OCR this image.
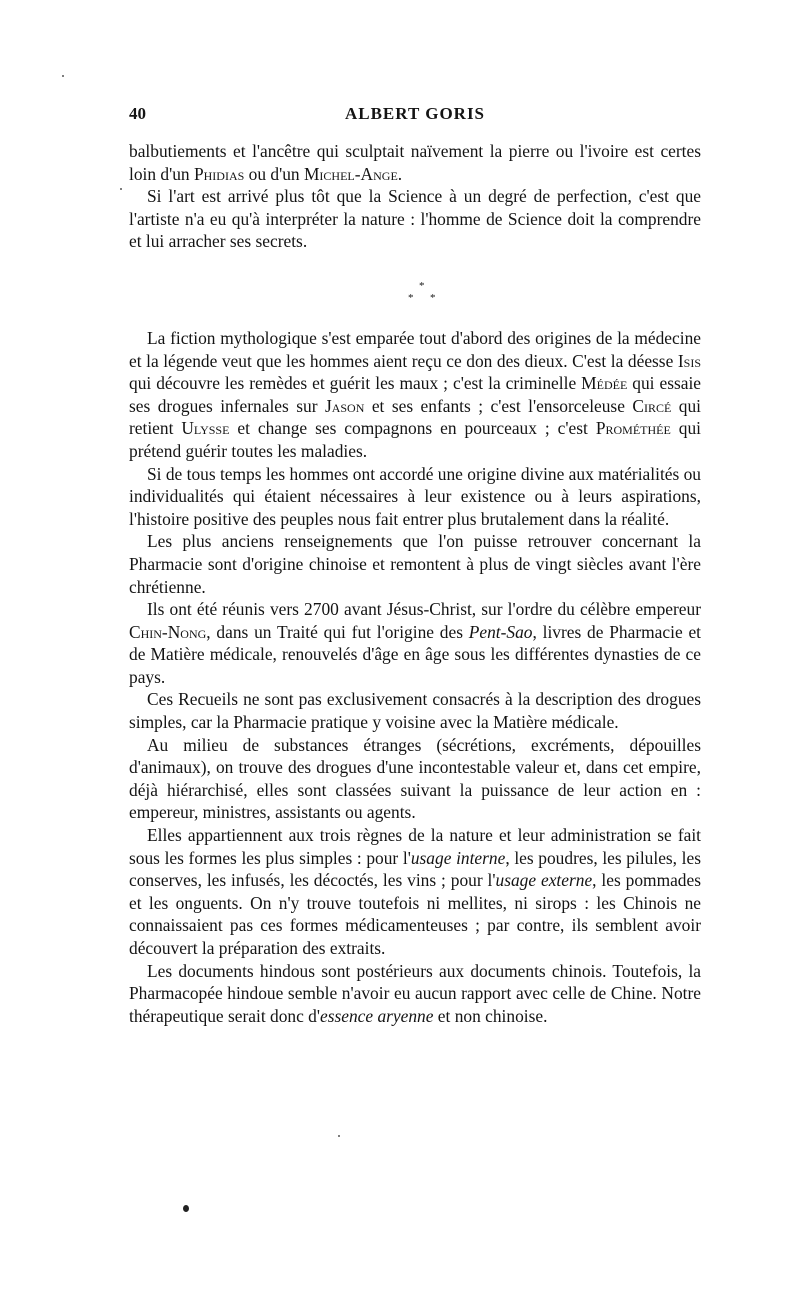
40	ALBERT GORIS

balbutiements et l'ancêtre qui sculptait naïvement la pierre ou l'ivoire est certes loin d'un Phidias ou d'un Michel-Ange.

Si l'art est arrivé plus tôt que la Science à un degré de perfection, c'est que l'artiste n'a eu qu'à interpréter la nature : l'homme de Science doit la comprendre et lui arracher ses secrets.

*
* *

La fiction mythologique s'est emparée tout d'abord des origines de la médecine et la légende veut que les hommes aient reçu ce don des dieux. C'est la déesse Isis qui découvre les remèdes et guérit les maux ; c'est la criminelle Médée qui essaie ses drogues infernales sur Jason et ses enfants ; c'est l'ensorceleuse Circé qui retient Ulysse et change ses compagnons en pourceaux ; c'est Prométhée qui prétend guérir toutes les maladies.

Si de tous temps les hommes ont accordé une origine divine aux matérialités ou individualités qui étaient nécessaires à leur existence ou à leurs aspirations, l'histoire positive des peuples nous fait entrer plus brutalement dans la réalité.

Les plus anciens renseignements que l'on puisse retrouver concernant la Pharmacie sont d'origine chinoise et remontent à plus de vingt siècles avant l'ère chrétienne.

Ils ont été réunis vers 2700 avant Jésus-Christ, sur l'ordre du célèbre empereur Chin-Nong, dans un Traité qui fut l'origine des Pent-Sao, livres de Pharmacie et de Matière médicale, renouvelés d'âge en âge sous les différentes dynasties de ce pays.

Ces Recueils ne sont pas exclusivement consacrés à la description des drogues simples, car la Pharmacie pratique y voisine avec la Matière médicale.

Au milieu de substances étranges (sécrétions, excréments, dépouilles d'animaux), on trouve des drogues d'une incontestable valeur et, dans cet empire, déjà hiérarchisé, elles sont classées suivant la puissance de leur action en : empereur, ministres, assistants ou agents.

Elles appartiennent aux trois règnes de la nature et leur administration se fait sous les formes les plus simples : pour l'usage interne, les poudres, les pilules, les conserves, les infusés, les décoctés, les vins ; pour l'usage externe, les pommades et les onguents. On n'y trouve toutefois ni mellites, ni sirops : les Chinois ne connaissaient pas ces formes médicamenteuses ; par contre, ils semblent avoir découvert la préparation des extraits.

Les documents hindous sont postérieurs aux documents chinois. Toutefois, la Pharmacopée hindoue semble n'avoir eu aucun rapport avec celle de Chine. Notre thérapeutique serait donc d'essence aryenne et non chinoise.
